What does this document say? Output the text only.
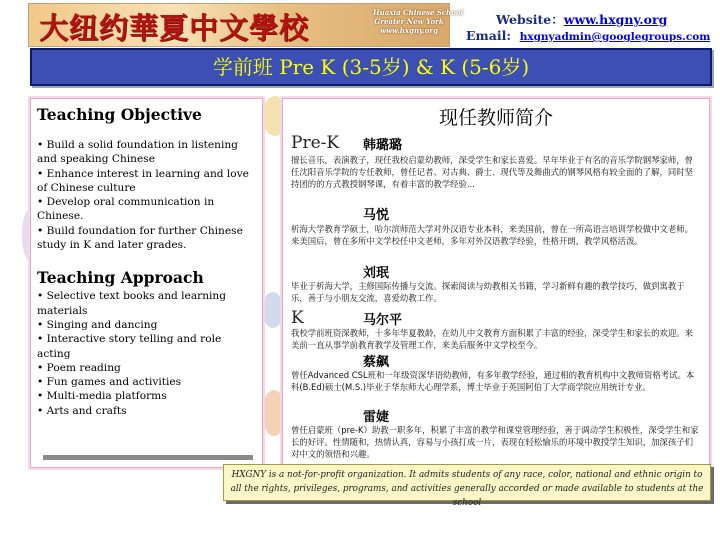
大纽约華夏中文學校	Huaxia Chinese School
Greater New York
www.hxgny.org
Website：www.hxgny.org
Email: hxgnyadmin@googlegroups.com
学前班 Pre K (3-5岁) & K (5-6岁)
Teaching Objective
• Build a solid foundation in listening and speaking Chinese
• Enhance interest in learning and love of Chinese culture
• Develop oral communication in Chinese.
• Build foundation for further Chinese study in K and later grades.
Teaching Approach
• Selective text books and learning materials
• Singing and dancing
• Interactive story telling and role acting
• Poem reading
• Fun games and activities
• Multi-media platforms
• Arts and crafts
现任教师简介
Pre-K 韩璐璐
擅长音乐，表演教子，现任我校启蒙幼教师，深受学生和家长喜爱。早年毕业于有名的音乐学院钢琴家师，曾任沈阳音乐学院的专任教师，曾任记者、对古典、爵士、现代等及舞曲式的钢琴风格有较全面的了解，同时坚持团的的方式教授钢琴课，有着丰富的教学经验...
马悦
析海大学教育学硕士，哈尔滨师范大学对外汉语专业本科，来美国前，曾在一所高语言培训学校做中文老师。来美国后，曾在多所中文学校任中文老师，多年对外汉语教学经验，性格开朗，教学风格活泼。
刘珉
毕业于析海大学，主修国际传播与交流。探索阅读与幼教相关书籍，学习新鲜有趣的教学技巧，做到寓教于乐，善于与小朋友交流，喜爱幼教工作。
K	马尔平
我校学前班资深教师，十多年华夏教龄，在幼儿中文教育方面积累了丰富的经验，深受学生和家长的欢迎。来美前一直从事学前教育教学及管理工作，来美后服务中文学校至今。
蔡飙
曾任Advanced CSL班和一年级资深华语幼教师，有多年教学经验，通过相的教育机构中文教师资格考试。本科(B.Ed)硕士(M.S.)毕业于华东师大心理学系，博士毕业于英国阿伯丁大学商学院应用统计专业。
雷婕
曾任启蒙班（pre-K）助教一职多年，积累了丰富的教学和课堂管理经验，善于调动学生积极性，深受学生和家长的好评。性情随和，热情认真，容易与小孩打成一片，表现在轻松愉乐的环境中教授学生知识，加深孩子们对中文的领悟和兴趣。
HXGNY is a not-for-profit organization. It admits students of any race, color, national and ethnic origin to all the rights, privileges, programs, and activities generally accorded or made available to students at the school
